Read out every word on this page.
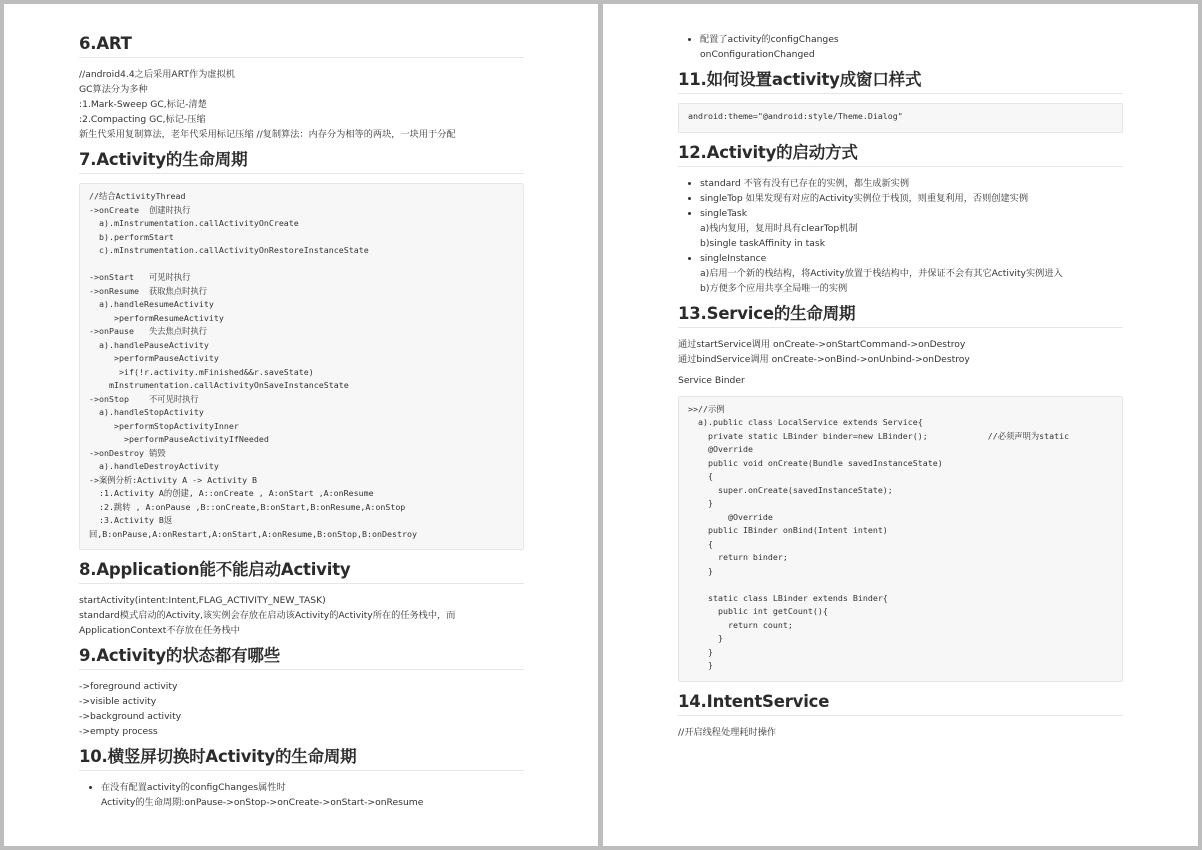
6.ART
//android4.4之后采用ART作为虚拟机
GC算法分为多种
:1.Mark-Sweep GC,标记-清楚
:2.Compacting GC,标记-压缩
新生代采用复制算法，老年代采用标记压缩 //复制算法：内存分为相等的两块，一块用于分配
7.Activity的生命周期
//结合ActivityThread
->onCreate  创建时执行
a).mInstrumentation.callActivityOnCreate
b).performStart
c).mInstrumentation.callActivityOnRestoreInstanceState

->onStart   可见时执行
->onResume  获取焦点时执行
a).handleResumeActivity
>performResumeActivity
->onPause   失去焦点时执行
a).handlePauseActivity
>performPauseActivity
>if(!r.activity.mFinished&&r.saveState)
mInstrumentation.callActivityOnSaveInstanceState
->onStop    不可见时执行
a).handleStopActivity
>performStopActivityInner
>performPauseActivityIfNeeded
->onDestroy 销毁
a).handleDestroyActivity
->案例分析:Activity A -> Activity B
:1.Activity A的创建, A::onCreate , A:onStart ,A:onResume
:2.跳转 , A:onPause ,B::onCreate,B:onStart,B:onResume,A:onStop
:3.Activity B返
回,B:onPause,A:onRestart,A:onStart,A:onResume,B:onStop,B:onDestroy
8.Application能不能启动Activity
startActivity(intent:Intent,FLAG_ACTIVITY_NEW_TASK)
standard模式启动的Activity,该实例会存放在启动该Activity的Activity所在的任务栈中，而
ApplicationContext不存放在任务栈中
9.Activity的状态都有哪些
->foreground activity
->visible activity
->background activity
->empty process
10.横竖屏切换时Activity的生命周期
• 在没有配置activity的configChanges属性时
Activity的生命周期:onPause->onStop->onCreate->onStart->onResume
• 配置了activity的configChanges
onConfigurationChanged
11.如何设置activity成窗口样式
android:theme="@android:style/Theme.Dialog"
12.Activity的启动方式
• standard 不管有没有已存在的实例，都生成新实例
• singleTop 如果发现有对应的Activity实例位于栈顶，则重复利用，否则创建实例
• singleTask
a)栈内复用，复用时具有clearTop机制
b)single taskAffinity in task
• singleInstance
a)启用一个新的栈结构，将Activity放置于栈结构中，并保证不会有其它Activity实例进入
b)方便多个应用共享全局唯一的实例
13.Service的生命周期
通过startService调用 onCreate->onStartCommand->onDestroy
通过bindService调用 onCreate->onBind->onUnbind->onDestroy
Service Binder
>>//示例
a).public class LocalService extends Service{
private static LBinder binder=new LBinder();            //必须声明为static
@Override
public void onCreate(Bundle savedInstanceState)
{
super.onCreate(savedInstanceState);
}
@Override
public IBinder onBind(Intent intent)
{
return binder;
}

static class LBinder extends Binder{
public int getCount(){
return count;
}
}
}

14.IntentService
//开启线程处理耗时操作
